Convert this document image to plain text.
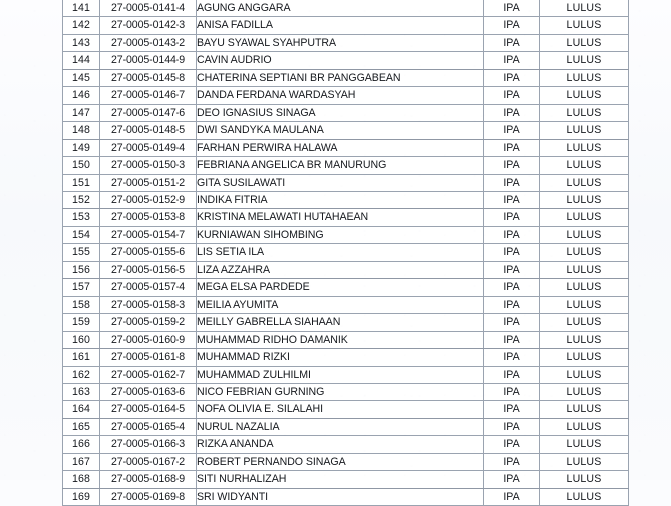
141	27-0005-0141-4	AGUNG ANGGARA	IPA	LULUS
142	27-0005-0142-3	ANISA FADILLA	IPA	LULUS
143	27-0005-0143-2	BAYU SYAWAL SYAHPUTRA	IPA	LULUS
144	27-0005-0144-9	CAVIN AUDRIO	IPA	LULUS
145	27-0005-0145-8	CHATERINA SEPTIANI BR PANGGABEAN	IPA	LULUS
146	27-0005-0146-7	DANDA FERDANA WARDASYAH	IPA	LULUS
147	27-0005-0147-6	DEO IGNASIUS SINAGA	IPA	LULUS
148	27-0005-0148-5	DWI SANDYKA MAULANA	IPA	LULUS
149	27-0005-0149-4	FARHAN PERWIRA HALAWA	IPA	LULUS
150	27-0005-0150-3	FEBRIANA ANGELICA BR MANURUNG	IPA	LULUS
151	27-0005-0151-2	GITA SUSILAWATI	IPA	LULUS
152	27-0005-0152-9	INDIKA FITRIA	IPA	LULUS
153	27-0005-0153-8	KRISTINA MELAWATI HUTAHAEAN	IPA	LULUS
154	27-0005-0154-7	KURNIAWAN SIHOMBING	IPA	LULUS
155	27-0005-0155-6	LIS SETIA ILA	IPA	LULUS
156	27-0005-0156-5	LIZA AZZAHRA	IPA	LULUS
157	27-0005-0157-4	MEGA ELSA PARDEDE	IPA	LULUS
158	27-0005-0158-3	MEILIA AYUMITA	IPA	LULUS
159	27-0005-0159-2	MEILLY GABRELLA SIAHAAN	IPA	LULUS
160	27-0005-0160-9	MUHAMMAD RIDHO DAMANIK	IPA	LULUS
161	27-0005-0161-8	MUHAMMAD RIZKI	IPA	LULUS
162	27-0005-0162-7	MUHAMMAD ZULHILMI	IPA	LULUS
163	27-0005-0163-6	NICO FEBRIAN GURNING	IPA	LULUS
164	27-0005-0164-5	NOFA OLIVIA E. SILALAHI	IPA	LULUS
165	27-0005-0165-4	NURUL NAZALIA	IPA	LULUS
166	27-0005-0166-3	RIZKA ANANDA	IPA	LULUS
167	27-0005-0167-2	ROBERT PERNANDO SINAGA	IPA	LULUS
168	27-0005-0168-9	SITI NURHALIZAH	IPA	LULUS
169	27-0005-0169-8	SRI WIDYANTI	IPA	LULUS
